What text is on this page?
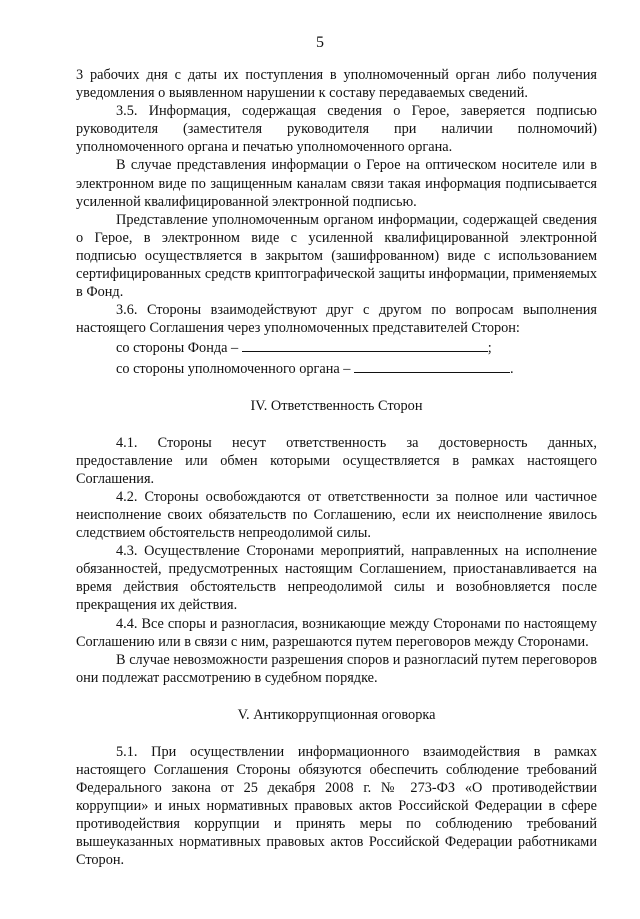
5

3 рабочих дня с даты их поступления в уполномоченный орган либо получения уведомления о выявленном нарушении к составу передаваемых сведений.

3.5. Информация, содержащая сведения о Герое, заверяется подписью руководителя (заместителя руководителя при наличии полномочий) уполномоченного органа и печатью уполномоченного органа.

В случае представления информации о Герое на оптическом носителе или в электронном виде по защищенным каналам связи такая информация подписывается усиленной квалифицированной электронной подписью.

Представление уполномоченным органом информации, содержащей сведения о Герое, в электронном виде с усиленной квалифицированной электронной подписью осуществляется в закрытом (зашифрованном) виде с использованием сертифицированных средств криптографической защиты информации, применяемых в Фонд.

3.6. Стороны взаимодействуют друг с другом по вопросам выполнения настоящего Соглашения через уполномоченных представителей Сторон:

со стороны Фонда –	;

со стороны уполномоченного органа –	.

IV. Ответственность Сторон

4.1. Стороны несут ответственность за достоверность данных, предоставление или обмен которыми осуществляется в рамках настоящего Соглашения.

4.2. Стороны освобождаются от ответственности за полное или частичное неисполнение своих обязательств по Соглашению, если их неисполнение явилось следствием обстоятельств непреодолимой силы.

4.3. Осуществление Сторонами мероприятий, направленных на исполнение обязанностей, предусмотренных настоящим Соглашением, приостанавливается на время действия обстоятельств непреодолимой силы и возобновляется после прекращения их действия.

4.4. Все споры и разногласия, возникающие между Сторонами по настоящему Соглашению или в связи с ним, разрешаются путем переговоров между Сторонами.

В случае невозможности разрешения споров и разногласий путем переговоров они подлежат рассмотрению в судебном порядке.

V. Антикоррупционная оговорка

5.1. При осуществлении информационного взаимодействия в рамках настоящего Соглашения Стороны обязуются обеспечить соблюдение требований Федерального закона от 25 декабря 2008 г. № 273-ФЗ «О противодействии коррупции» и иных нормативных правовых актов Российской Федерации в сфере противодействия коррупции и принять меры по соблюдению требований вышеуказанных нормативных правовых актов Российской Федерации работниками Сторон.
